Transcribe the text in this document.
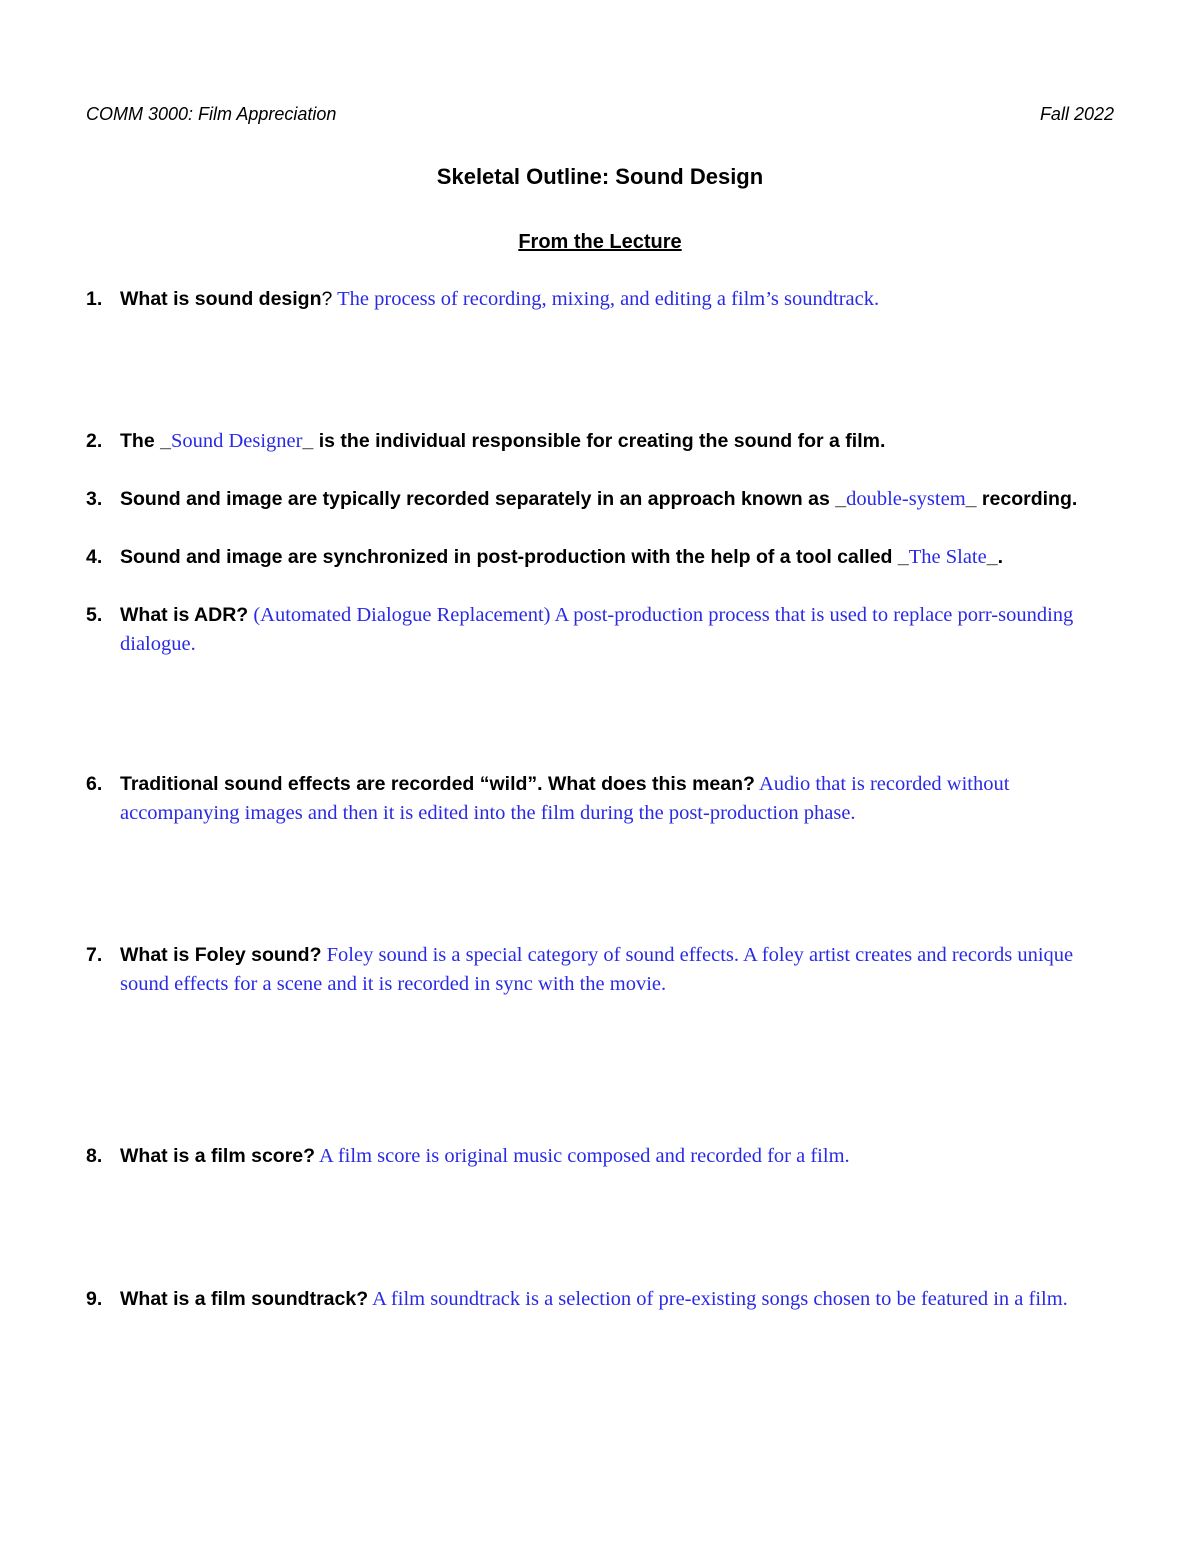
COMM 3000: Film Appreciation	Fall 2022
Skeletal Outline: Sound Design
From the Lecture
1. What is sound design? The process of recording, mixing, and editing a film’s soundtrack.
2. The _Sound Designer_ is the individual responsible for creating the sound for a film.
3. Sound and image are typically recorded separately in an approach known as _double-system_ recording.
4. Sound and image are synchronized in post-production with the help of a tool called _The Slate_.
5. What is ADR? (Automated Dialogue Replacement) A post-production process that is used to replace porr-sounding dialogue.
6. Traditional sound effects are recorded “wild”. What does this mean? Audio that is recorded without accompanying images and then it is edited into the film during the post-production phase.
7. What is Foley sound? Foley sound is a special category of sound effects. A foley artist creates and records unique sound effects for a scene and it is recorded in sync with the movie.
8. What is a film score? A film score is original music composed and recorded for a film.
9. What is a film soundtrack? A film soundtrack is a selection of pre-existing songs chosen to be featured in a film.
